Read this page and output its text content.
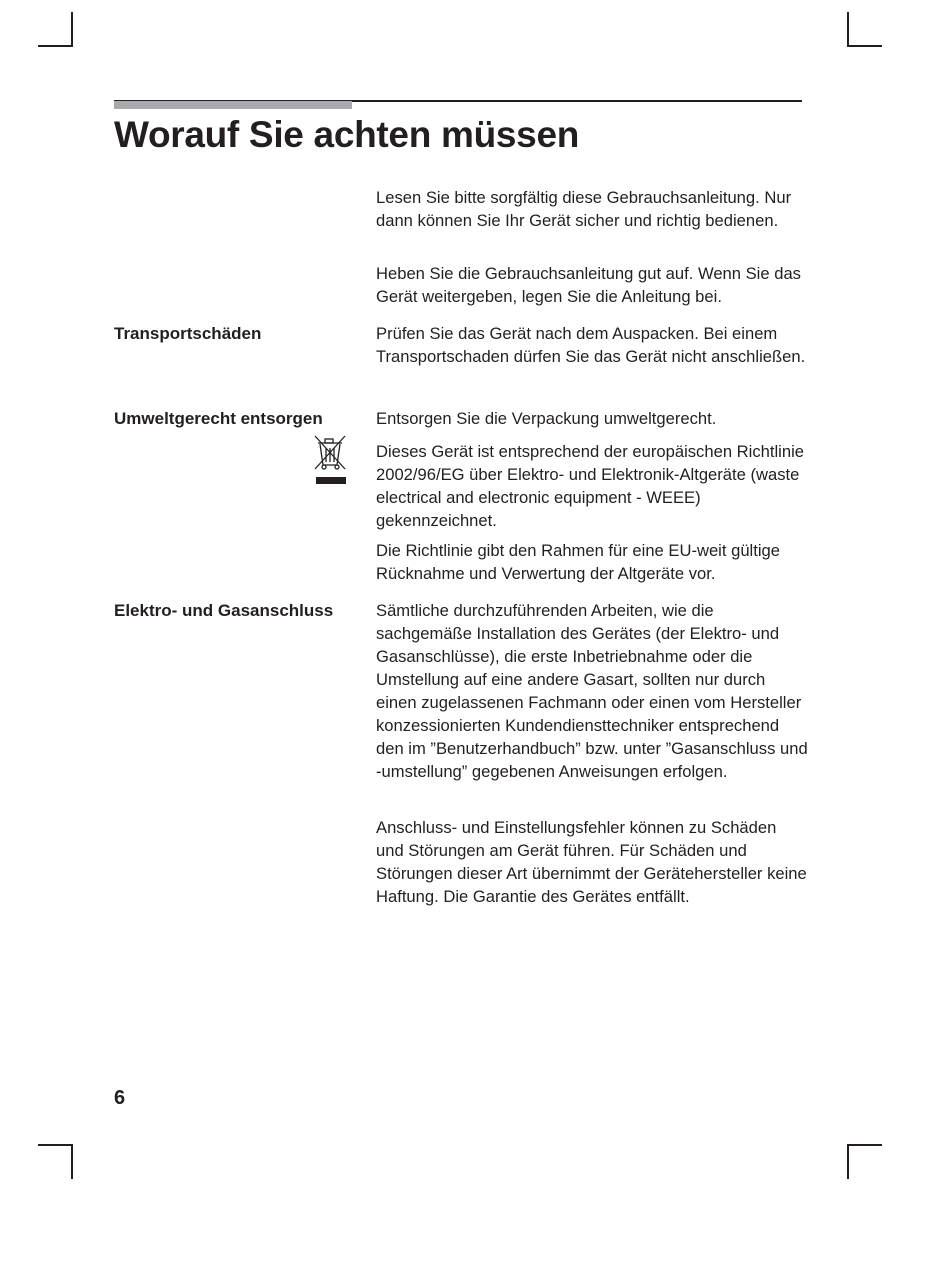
Worauf Sie achten müssen

Lesen Sie bitte sorgfältig diese Gebrauchsanleitung. Nur dann können Sie Ihr Gerät sicher und richtig bedienen.

Heben Sie die Gebrauchsanleitung gut auf. Wenn Sie das Gerät weitergeben, legen Sie die Anleitung bei.

Transportschäden	Prüfen Sie das Gerät nach dem Auspacken. Bei einem Transportschaden dürfen Sie das Gerät nicht anschließen.

Umweltgerecht entsorgen	Entsorgen Sie die Verpackung umweltgerecht.

Dieses Gerät ist entsprechend der europäischen Richtlinie 2002/96/EG über Elektro- und Elektronik-Altgeräte (waste electrical and electronic equipment - WEEE) gekennzeichnet.

Die Richtlinie gibt den Rahmen für eine EU-weit gültige Rücknahme und Verwertung der Altgeräte vor.

Elektro- und Gasanschluss	Sämtliche durchzuführenden Arbeiten, wie die sachgemäße Installation des Gerätes (der Elektro- und Gasanschlüsse), die erste Inbetriebnahme oder die Umstellung auf eine andere Gasart, sollten nur durch einen zugelassenen Fachmann oder einen vom Hersteller konzessionierten Kundendiensttechniker entsprechend den im ”Benutzerhandbuch” bzw. unter ”Gasanschluss und -umstellung” gegebenen Anweisungen erfolgen.

Anschluss- und Einstellungsfehler können zu Schäden und Störungen am Gerät führen. Für Schäden und Störungen dieser Art übernimmt der Gerätehersteller keine Haftung. Die Garantie des Gerätes entfällt.

6
